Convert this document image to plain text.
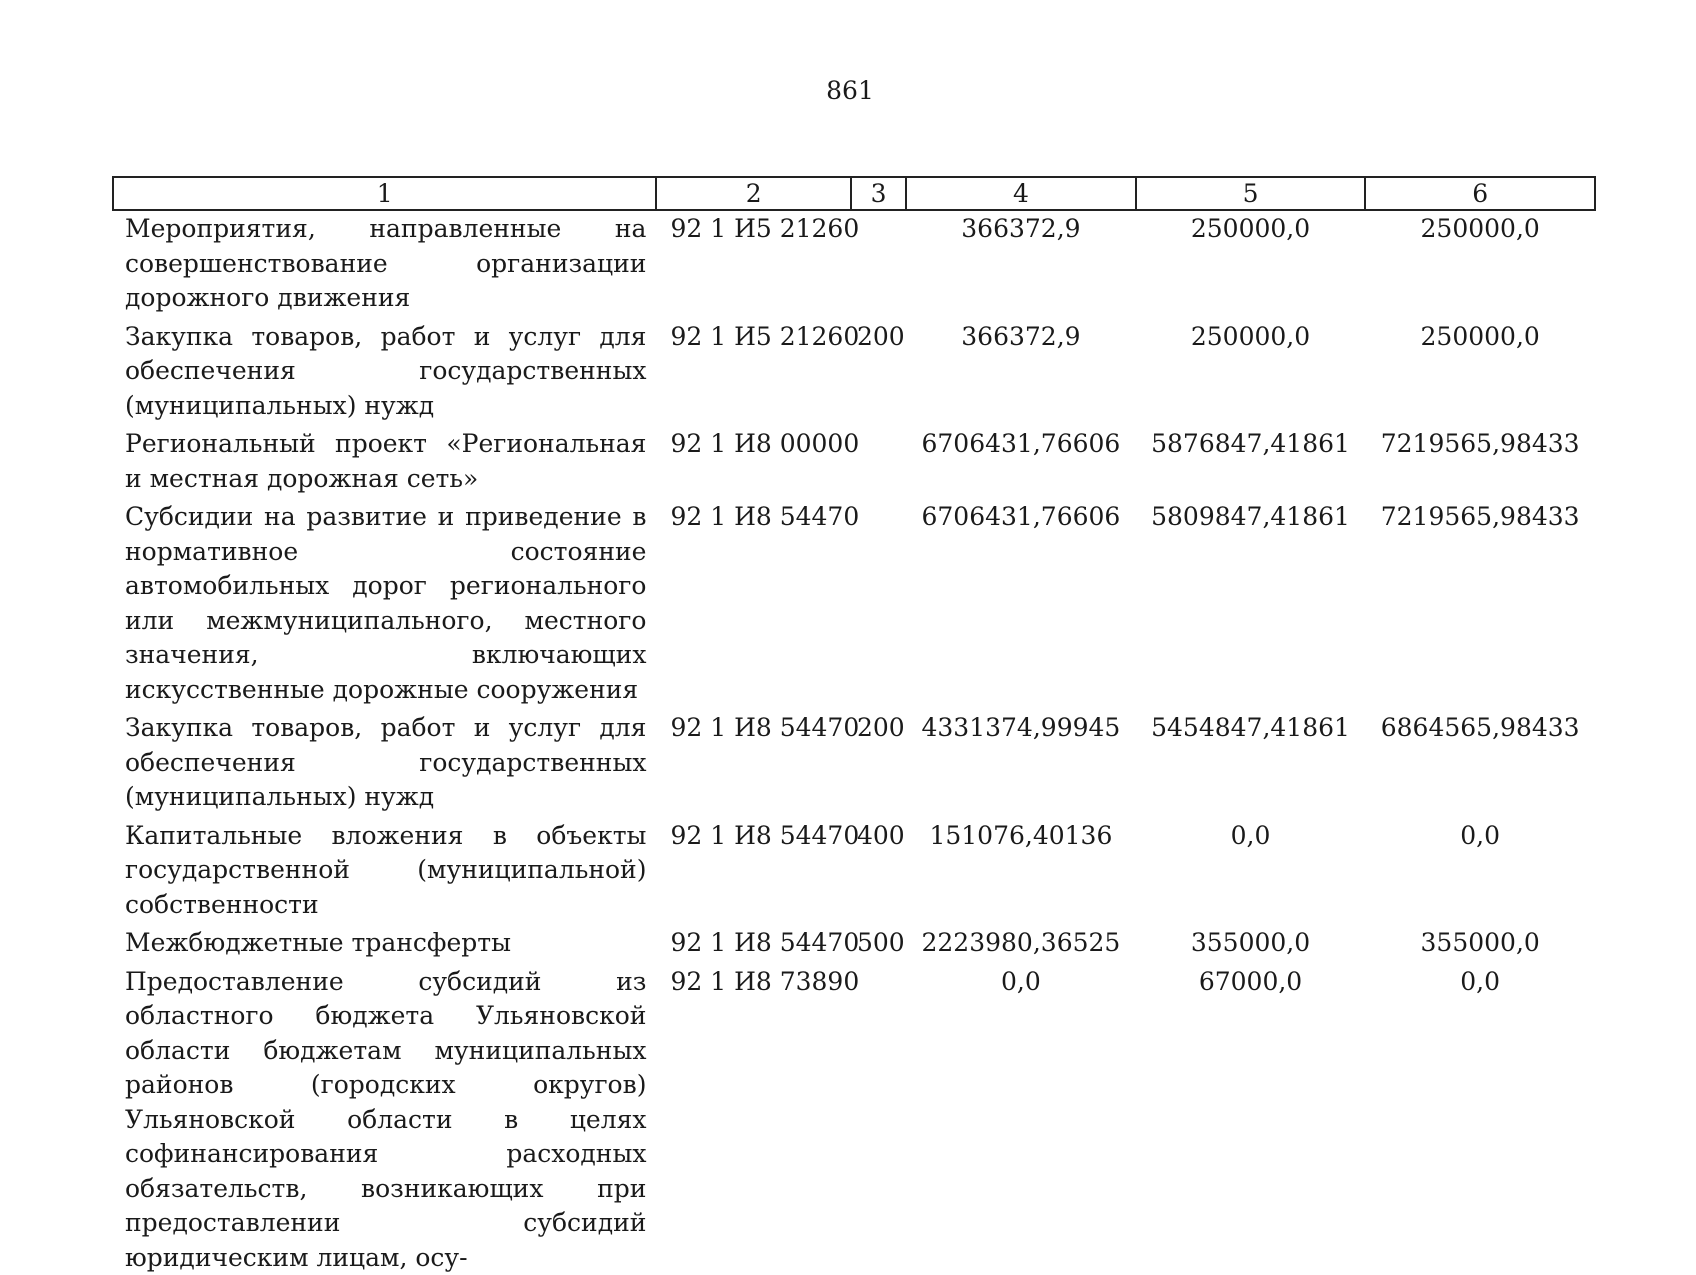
861
1	2	3	4	5	6
Мероприятия, направленные на совершенствование организации дорожного движения	92 1 И5 21260		366372,9	250000,0	250000,0
Закупка товаров, работ и услуг для обеспечения государственных (муниципальных) нужд	92 1 И5 21260	200	366372,9	250000,0	250000,0
Региональный проект «Региональная и местная дорожная сеть»	92 1 И8 00000		6706431,76606	5876847,41861	7219565,98433
Субсидии на развитие и приведение в нормативное состояние автомобильных дорог регионального или межмуниципального, местного значения, включающих искусственные дорожные сооружения	92 1 И8 54470		6706431,76606	5809847,41861	7219565,98433
Закупка товаров, работ и услуг для обеспечения государственных (муниципальных) нужд	92 1 И8 54470	200	4331374,99945	5454847,41861	6864565,98433
Капитальные вложения в объекты государственной (муниципальной) собственности	92 1 И8 54470	400	151076,40136	0,0	0,0
Межбюджетные трансферты	92 1 И8 54470	500	2223980,36525	355000,0	355000,0
Предоставление субсидий из областного бюджета Ульяновской области бюджетам муниципальных районов (городских округов) Ульяновской области в целях софинансирования расходных обязательств, возникающих при предоставлении субсидий юридическим лицам, осу-	92 1 И8 73890		0,0	67000,0	0,0
